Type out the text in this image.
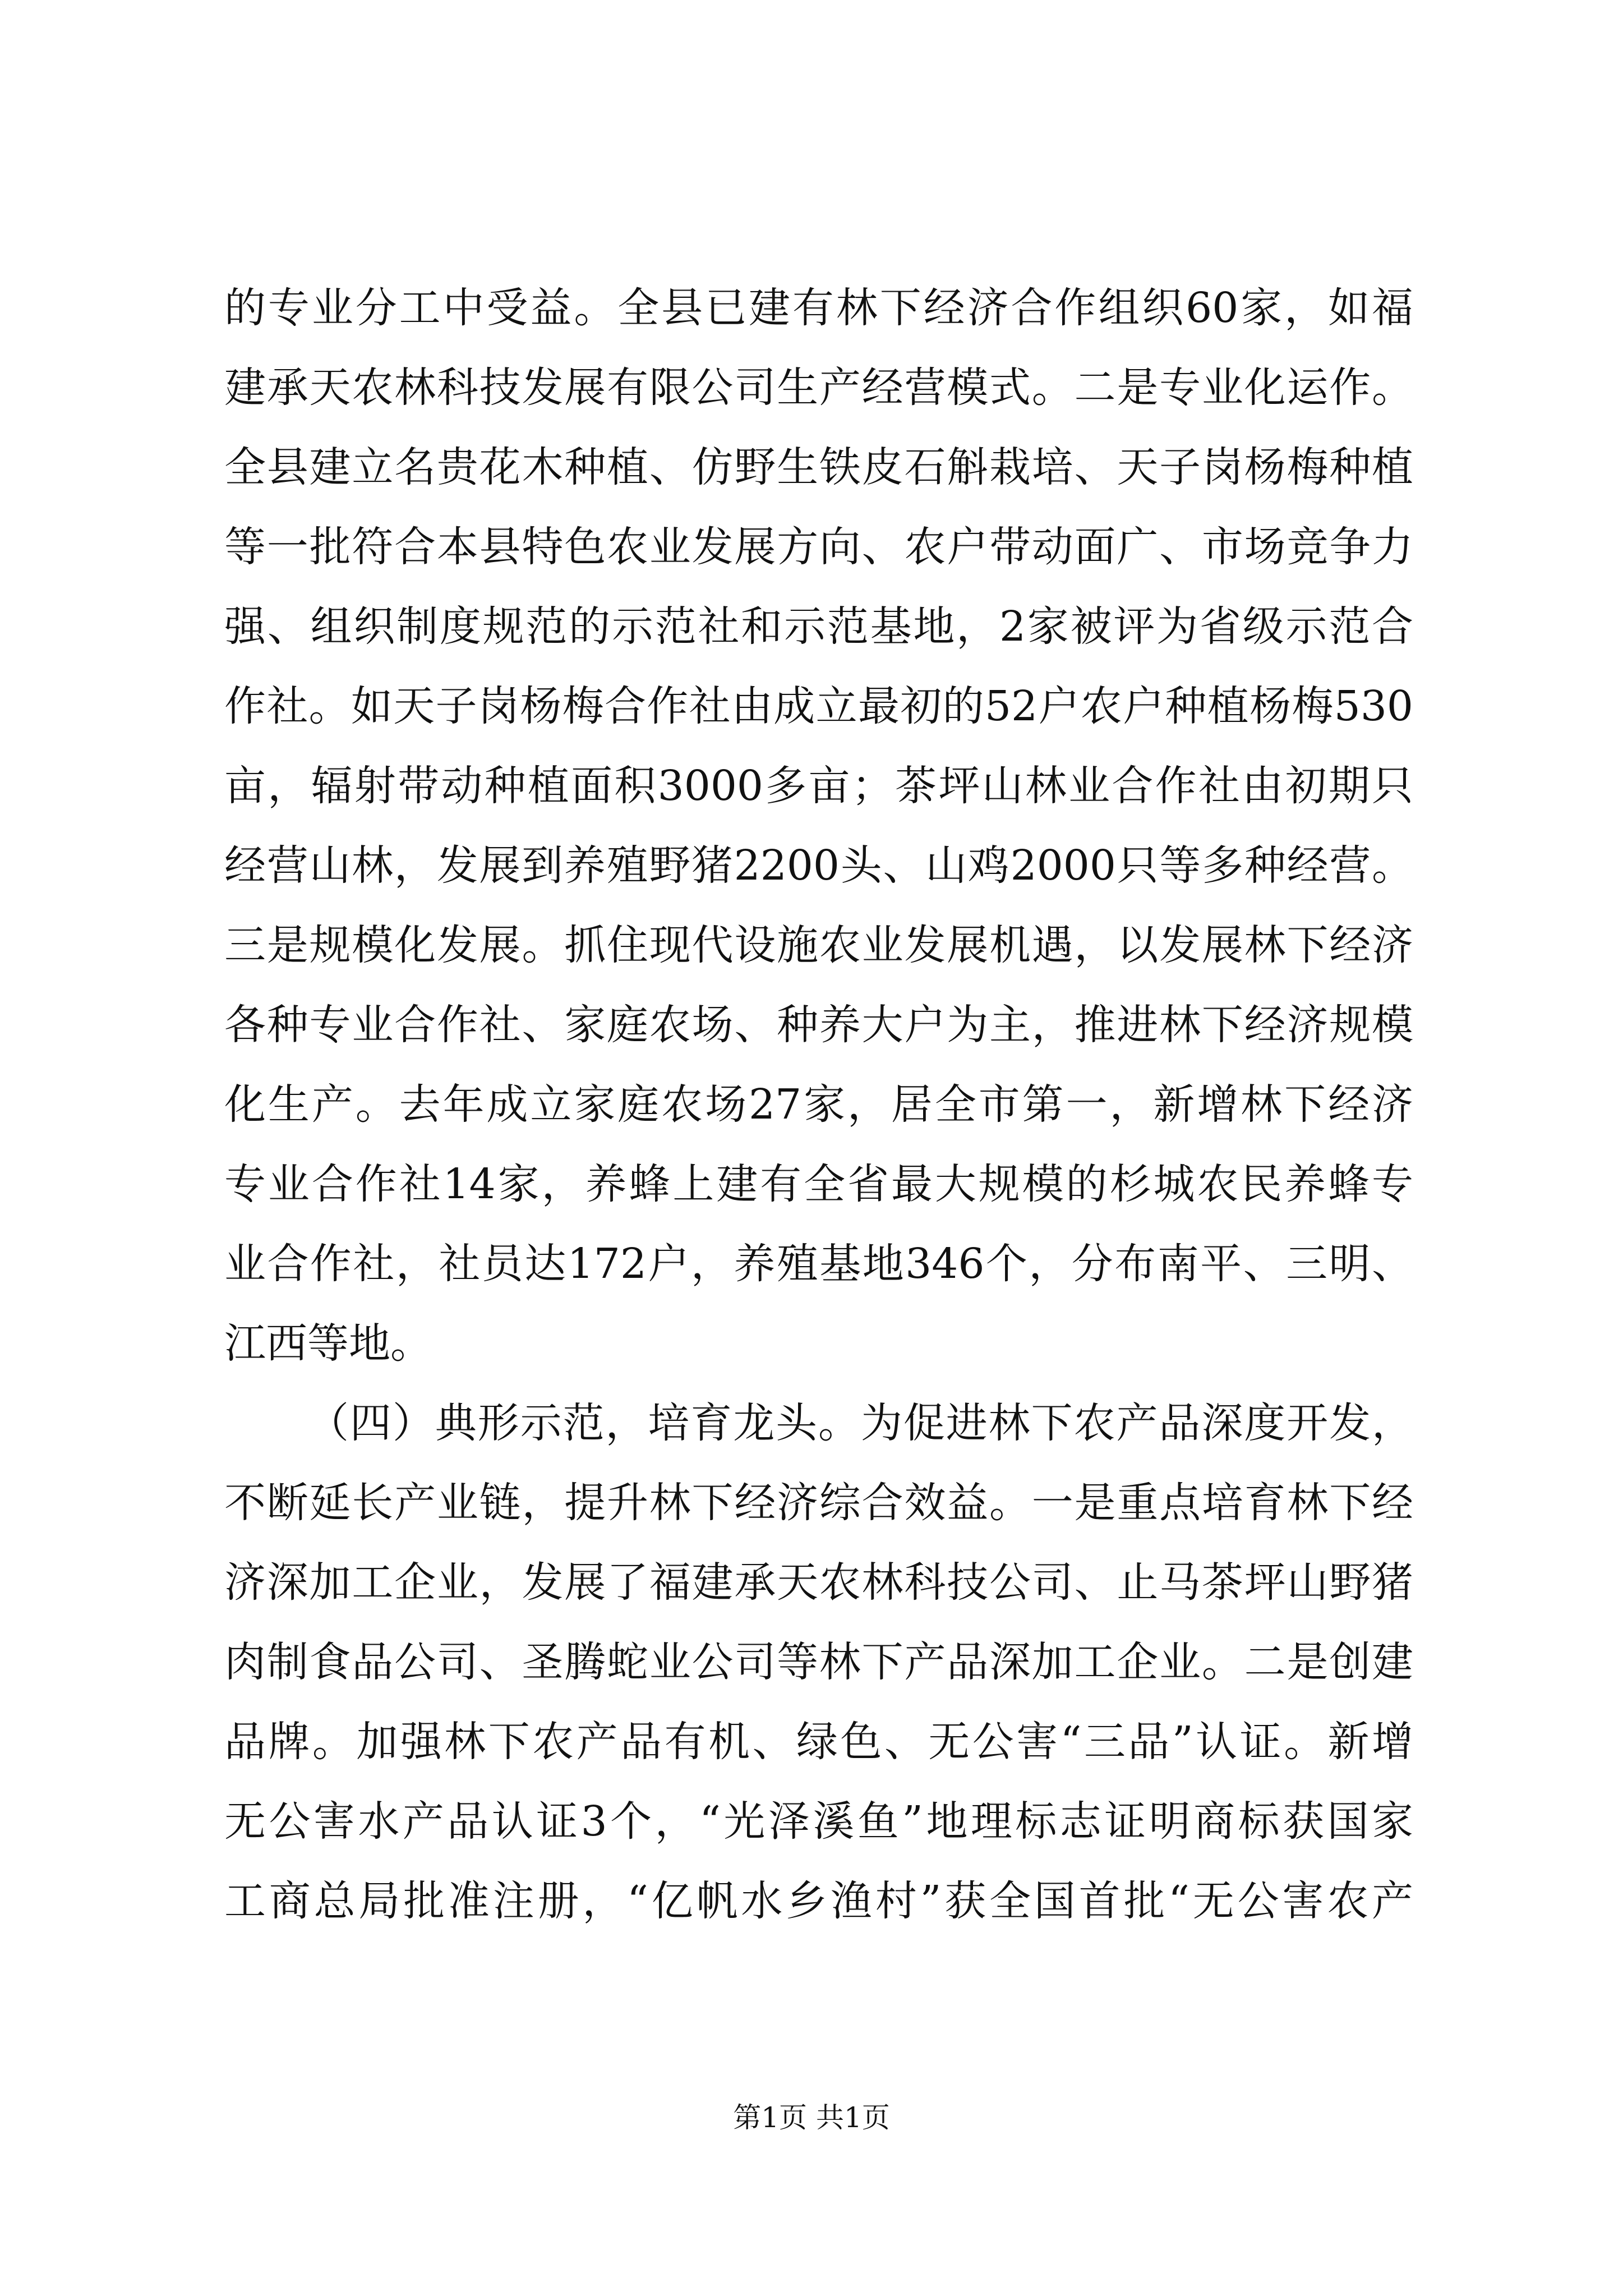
的专业分工中受益。全县已建有林下经济合作组织60家，如福
建承天农林科技发展有限公司生产经营模式。二是专业化运作。
全县建立名贵花木种植、仿野生铁皮石斛栽培、天子岗杨梅种植
等一批符合本县特色农业发展方向、农户带动面广、市场竞争力
强、组织制度规范的示范社和示范基地，2家被评为省级示范合
作社。如天子岗杨梅合作社由成立最初的52户农户种植杨梅530
亩，辐射带动种植面积3000多亩；茶坪山林业合作社由初期只
经营山林，发展到养殖野猪2200头、山鸡2000只等多种经营。
三是规模化发展。抓住现代设施农业发展机遇，以发展林下经济
各种专业合作社、家庭农场、种养大户为主，推进林下经济规模
化生产。去年成立家庭农场27家，居全市第一，新增林下经济
专业合作社14家，养蜂上建有全省最大规模的杉城农民养蜂专
业合作社，社员达172户，养殖基地346个，分布南平、三明、
江西等地。
（四）典形示范，培育龙头。为促进林下农产品深度开发，
不断延长产业链，提升林下经济综合效益。一是重点培育林下经
济深加工企业，发展了福建承天农林科技公司、止马茶坪山野猪
肉制食品公司、圣腾蛇业公司等林下产品深加工企业。二是创建
品牌。加强林下农产品有机、绿色、无公害“三品”认证。新增
无公害水产品认证3个，“光泽溪鱼”地理标志证明商标获国家
工商总局批准注册，“亿帆水乡渔村”获全国首批“无公害农产
第1页 共1页
